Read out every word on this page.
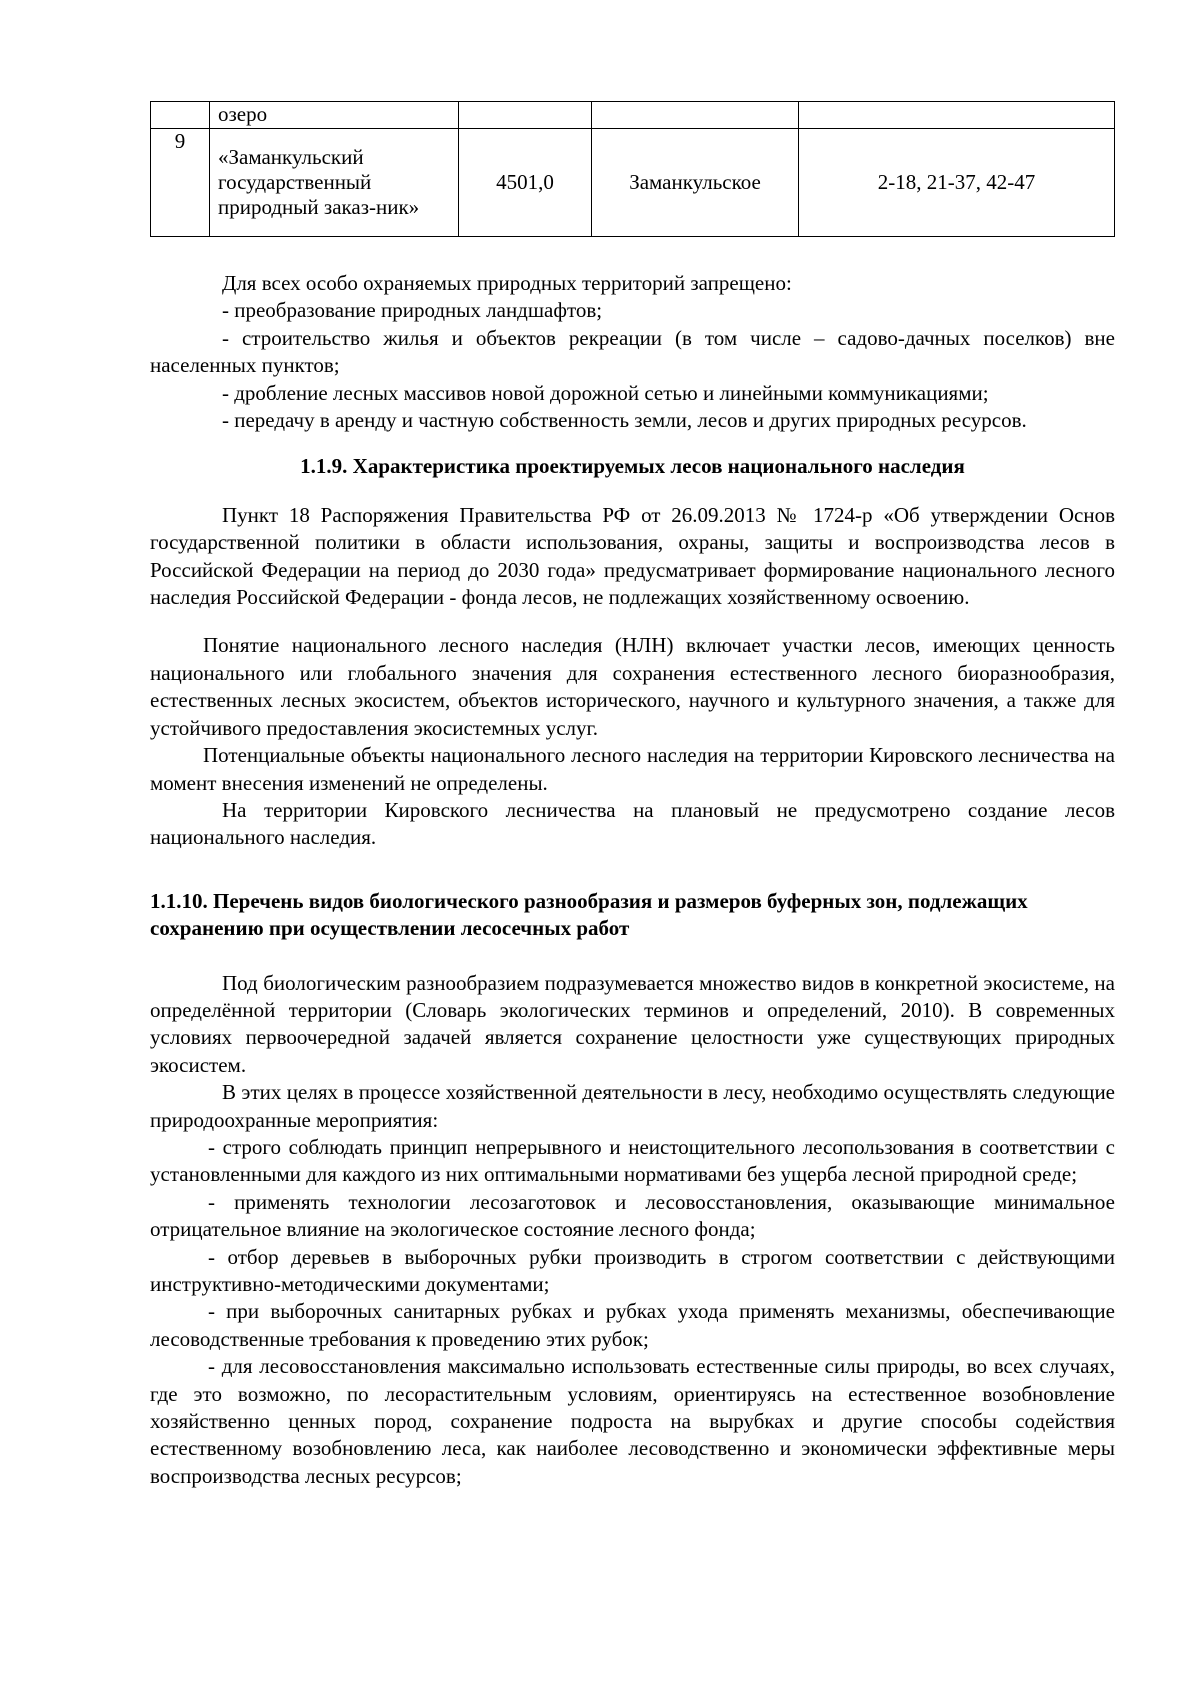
	озеро			
9	«Заманкульский государственный природный заказ-ник»	4501,0	Заманкульское	2-18, 21-37, 42-47

Для всех особо охраняемых природных территорий запрещено:

- преобразование природных ландшафтов;

- строительство жилья и объектов рекреации (в том числе – садово-дачных поселков) вне населенных пунктов;

- дробление лесных массивов новой дорожной сетью и линейными коммуникациями;

- передачу в аренду и частную собственность земли, лесов и других природных ресурсов.

1.1.9. Характеристика проектируемых лесов национального наследия

Пункт 18 Распоряжения Правительства РФ от 26.09.2013 № 1724-р «Об утверждении Основ государственной политики в области использования, охраны, защиты и воспроизводства лесов в Российской Федерации на период до 2030 года» предусматривает формирование национального лесного наследия Российской Федерации - фонда лесов, не подлежащих хозяйственному освоению.

Понятие национального лесного наследия (НЛН) включает участки лесов, имеющих ценность национального или глобального значения для сохранения естественного лесного биоразнообразия, естественных лесных экосистем, объектов исторического, научного и культурного значения, а также для устойчивого предоставления экосистемных услуг.

Потенциальные объекты национального лесного наследия на территории Кировского лесничества на момент внесения изменений не определены.

На территории Кировского лесничества на плановый не предусмотрено создание лесов национального наследия.

1.1.10. Перечень видов биологического разнообразия и размеров буферных зон, подлежащих сохранению при осуществлении лесосечных работ

Под биологическим разнообразием подразумевается множество видов в конкретной экосистеме, на определённой территории (Словарь экологических терминов и определений, 2010). В современных условиях первоочередной задачей является сохранение целостности уже существующих природных экосистем.

В этих целях в процессе хозяйственной деятельности в лесу, необходимо осуществлять следующие природоохранные мероприятия:

- строго соблюдать принцип непрерывного и неистощительного лесопользования в соответствии с установленными для каждого из них оптимальными нормативами без ущерба лесной природной среде;

- применять технологии лесозаготовок и лесовосстановления, оказывающие минимальное отрицательное влияние на экологическое состояние лесного фонда;

- отбор деревьев в выборочных рубки производить в строгом соответствии с действующими инструктивно-методическими документами;

- при выборочных санитарных рубках и рубках ухода применять механизмы, обеспечивающие лесоводственные требования к проведению этих рубок;

- для лесовосстановления максимально использовать естественные силы природы, во всех случаях, где это возможно, по лесорастительным условиям, ориентируясь на естественное возобновление хозяйственно ценных пород, сохранение подроста на вырубках и другие способы содействия естественному возобновлению леса, как наиболее лесоводственно и экономически эффективные меры воспроизводства лесных ресурсов;
